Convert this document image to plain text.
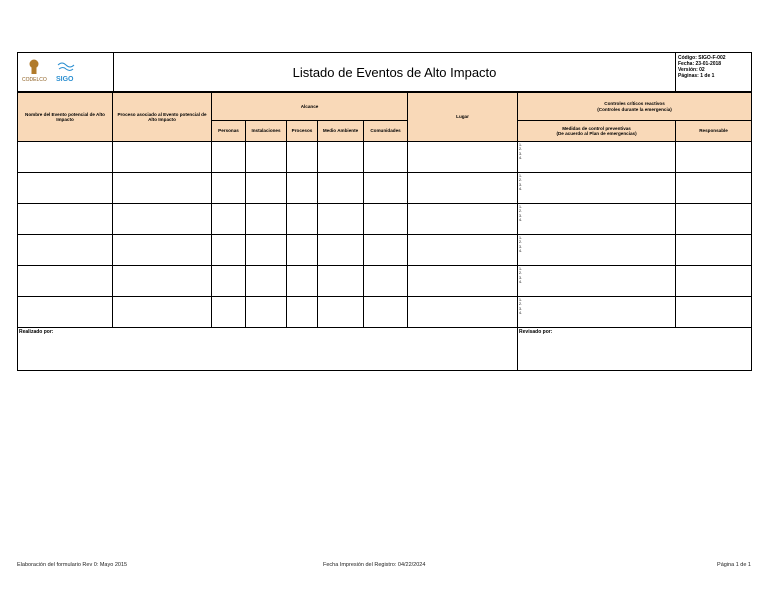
CODELCO SIGO	Listado de Eventos de Alto Impacto	
Código: SIGO-F-002
Fecha: 23-01-2018
Versión: 02
Páginas: 1 de 1
Nombre del Evento potencial de Alto Impacto	Proceso asociado al Evento potencial de Alto Impacto	Alcance					Lugar	Controles críticos reactivos
(Controles durante la emergencia)	

		Personas	Instalaciones	Procesos	Medio Ambiente	Comunidades		Medidas de control preventivas
(De acuerdo al Plan de emergencias)	Responsable

								1.
2.
3.
4.	

								1.
2.
3.
4.	

								1.
2.
3.
4.	

								1.
2.
3.
4.	

								1.
2.
3.
4.	

								1.
2.
3.
4.	

Realizado por:								Revisado por:	
Elaboración del formulario Rev 0: Mayo 2015	Fecha Impresión del Registro: 04/22/2024	Página 1 de 1
